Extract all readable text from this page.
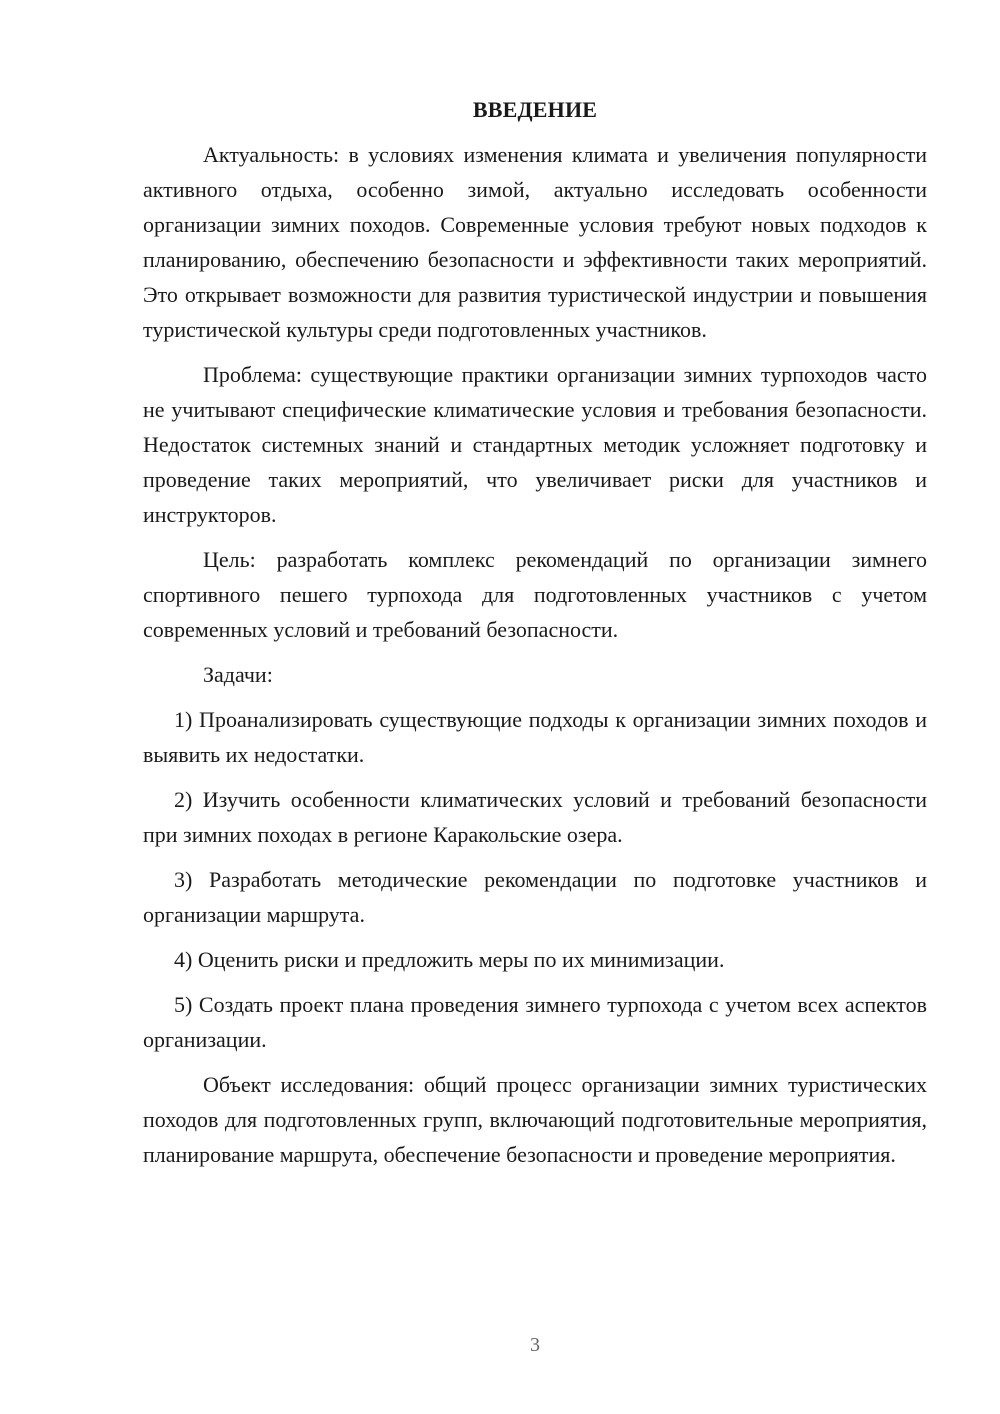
ВВЕДЕНИЕ

Актуальность: в условиях изменения климата и увеличения популярности активного отдыха, особенно зимой, актуально исследовать особенности организации зимних походов. Современные условия требуют новых подходов к планированию, обеспечению безопасности и эффективности таких мероприятий. Это открывает возможности для развития туристической индустрии и повышения туристической культуры среди подготовленных участников.

Проблема: существующие практики организации зимних турпоходов часто не учитывают специфические климатические условия и требования безопасности. Недостаток системных знаний и стандартных методик усложняет подготовку и проведение таких мероприятий, что увеличивает риски для участников и инструкторов.

Цель: разработать комплекс рекомендаций по организации зимнего спортивного пешего турпохода для подготовленных участников с учетом современных условий и требований безопасности.

Задачи:

1) Проанализировать существующие подходы к организации зимних походов и выявить их недостатки.

2) Изучить особенности климатических условий и требований безопасности при зимних походах в регионе Каракольские озера.

3) Разработать методические рекомендации по подготовке участников и организации маршрута.

4) Оценить риски и предложить меры по их минимизации.

5) Создать проект плана проведения зимнего турпохода с учетом всех аспектов организации.

Объект исследования: общий процесс организации зимних туристических походов для подготовленных групп, включающий подготовительные мероприятия, планирование маршрута, обеспечение безопасности и проведение мероприятия.

3
